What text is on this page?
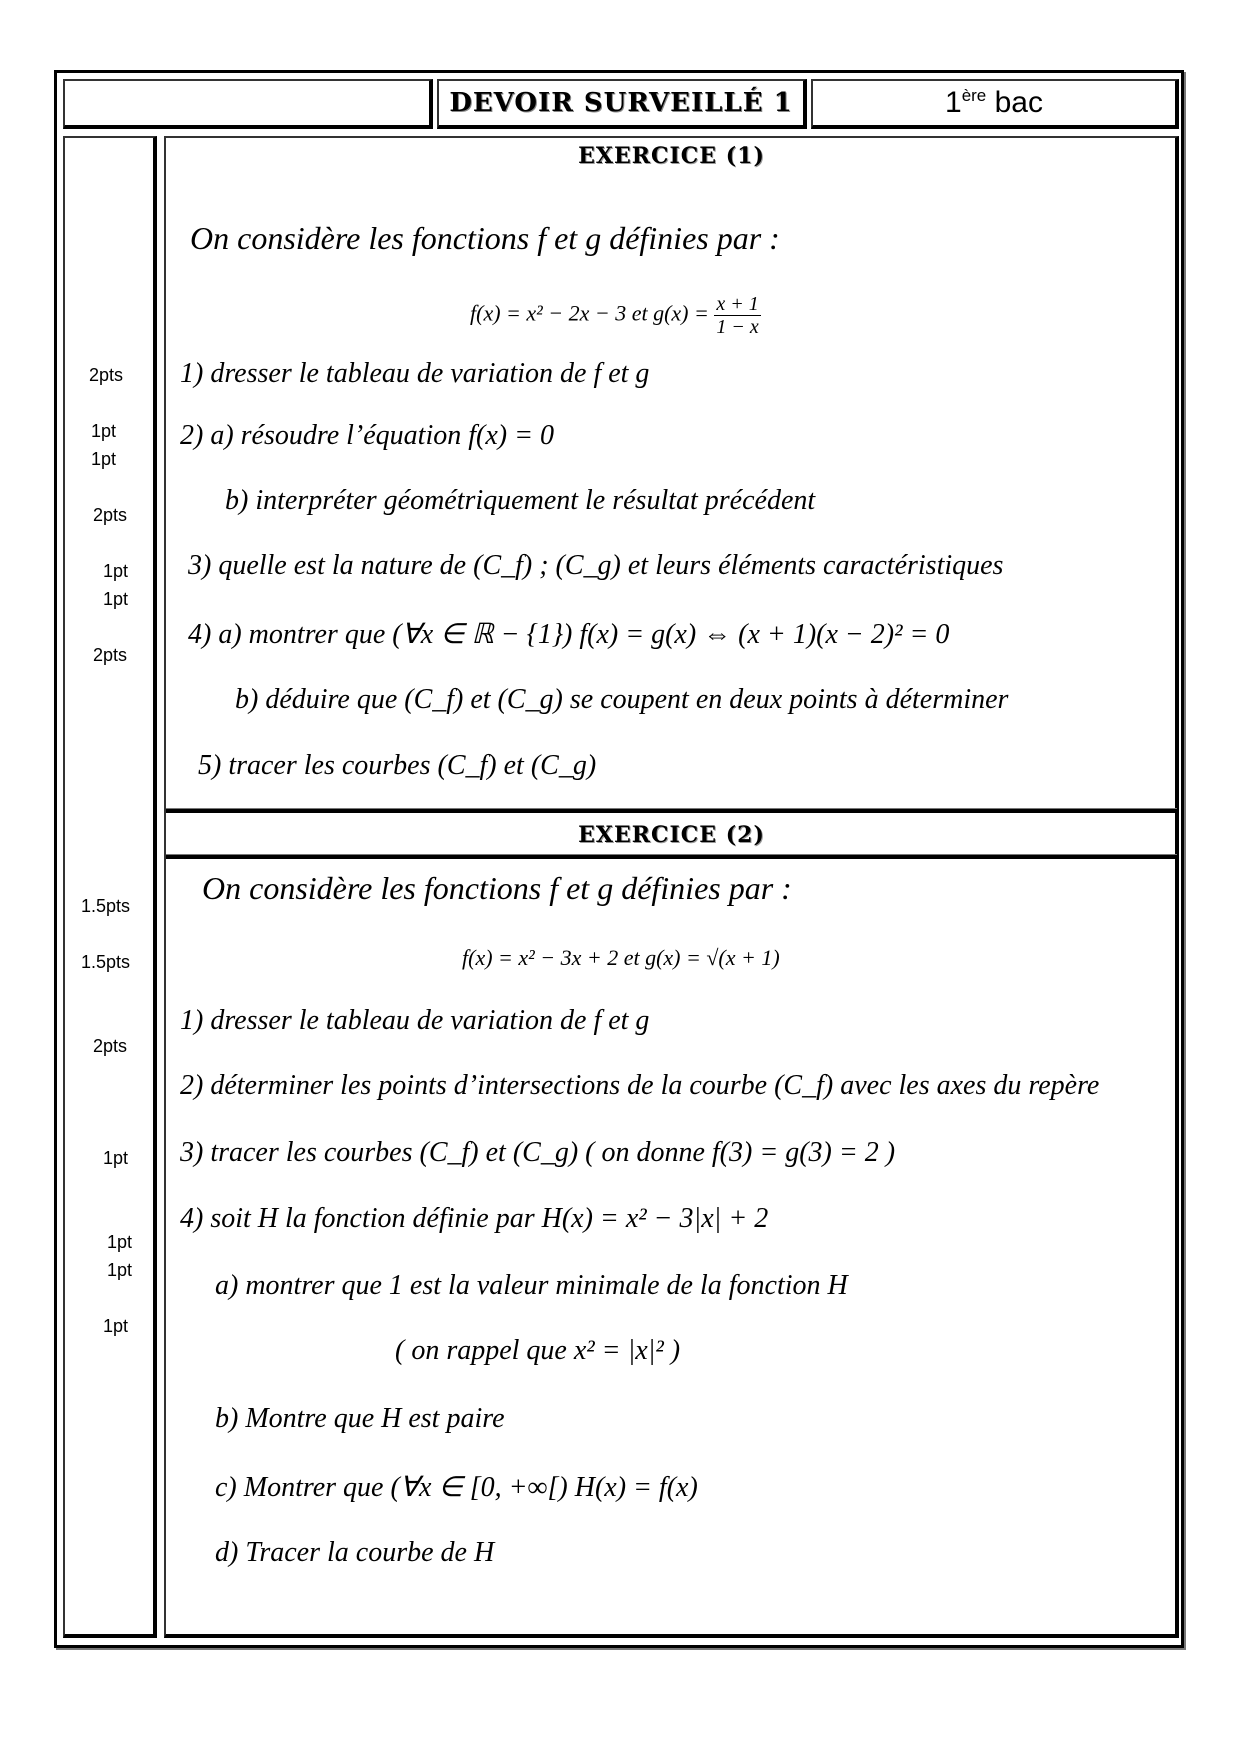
DEVOIR SURVEILLÉ 1	1ère bac
EXERCICE (1)
On considère les fonctions f et g définies par :
f(x) = x² − 2x − 3 et $g(x) = \frac{x + 1}{1 - x}$
1) dresser le tableau de variation de f et g
2) a) résoudre l’équation f(x) = 0
b) interpréter géométriquement le résultat précédent
3) quelle est la nature de (C_f) ; (C_g) et leurs éléments caractéristiques
4) a) montrer que (∀x ∈ ℝ − {1}) f(x) = g(x) ⇔ (x + 1)(x − 2)² = 0
b) déduire que (C_f) et (C_g) se coupent en deux points à déterminer
5) tracer les courbes (C_f) et (C_g)
2pts
1pt
1pt
2pts
1pt
1pt
2pts
EXERCICE (2)
On considère les fonctions f et g définies par :
f(x) = x² − 3x + 2 et g(x) = √(x + 1)
1) dresser le tableau de variation de f et g
2) déterminer les points d’intersections de la courbe (C_f) avec les axes du repère
3) tracer les courbes (C_f) et (C_g) ( on donne f(3) = g(3) = 2 )
4) soit H la fonction définie par H(x) = x² − 3|x| + 2
a) montrer que 1 est la valeur minimale de la fonction H
( on rappel que x² = |x|² )
b) Montre que H est paire
c) Montrer que (∀x ∈ [0, +∞[) H(x) = f(x)
d) Tracer la courbe de H
1.5pts
1.5pts
2pts
1pt
1pt
1pt
1pt
